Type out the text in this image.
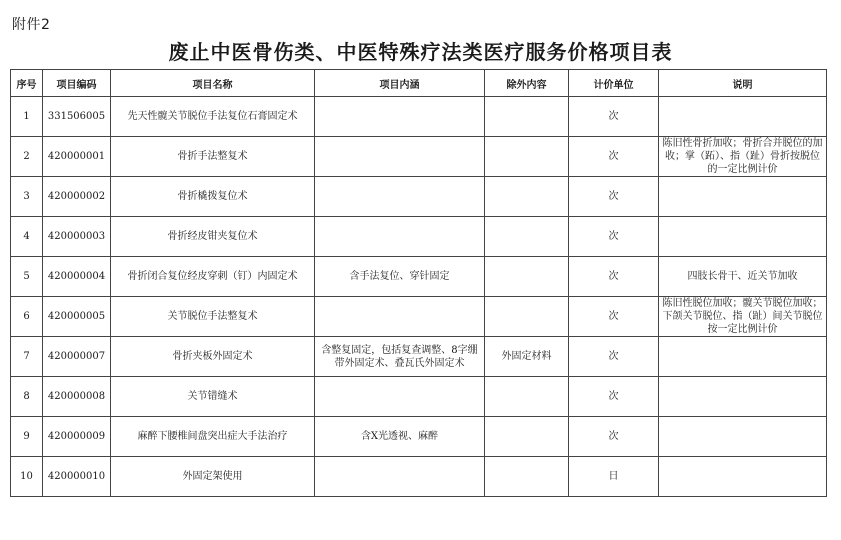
附件2
废止中医骨伤类、中医特殊疗法类医疗服务价格项目表
序号	项目编码	项目名称	项目内涵	除外内容	计价单位	说明
1	331506005	先天性髋关节脱位手法复位石膏固定术			次	
2	420000001	骨折手法整复术			次	陈旧性骨折加收；骨折合并脱位的加收；掌（跖）、指（趾）骨折按脱位的一定比例计价
3	420000002	骨折橇拨复位术			次	
4	420000003	骨折经皮钳夹复位术			次	
5	420000004	骨折闭合复位经皮穿刺（钉）内固定术	含手法复位、穿针固定		次	四肢长骨干、近关节加收
6	420000005	关节脱位手法整复术			次	陈旧性脱位加收；髋关节脱位加收；下颌关节脱位、指（趾）间关节脱位按一定比例计价
7	420000007	骨折夹板外固定术	含整复固定，包括复查调整、8字绷带外固定术、叠瓦氏外固定术	外固定材料	次	
8	420000008	关节错缝术			次	
9	420000009	麻醉下腰椎间盘突出症大手法治疗	含X光透视、麻醉		次	
10	420000010	外固定架使用			日	
